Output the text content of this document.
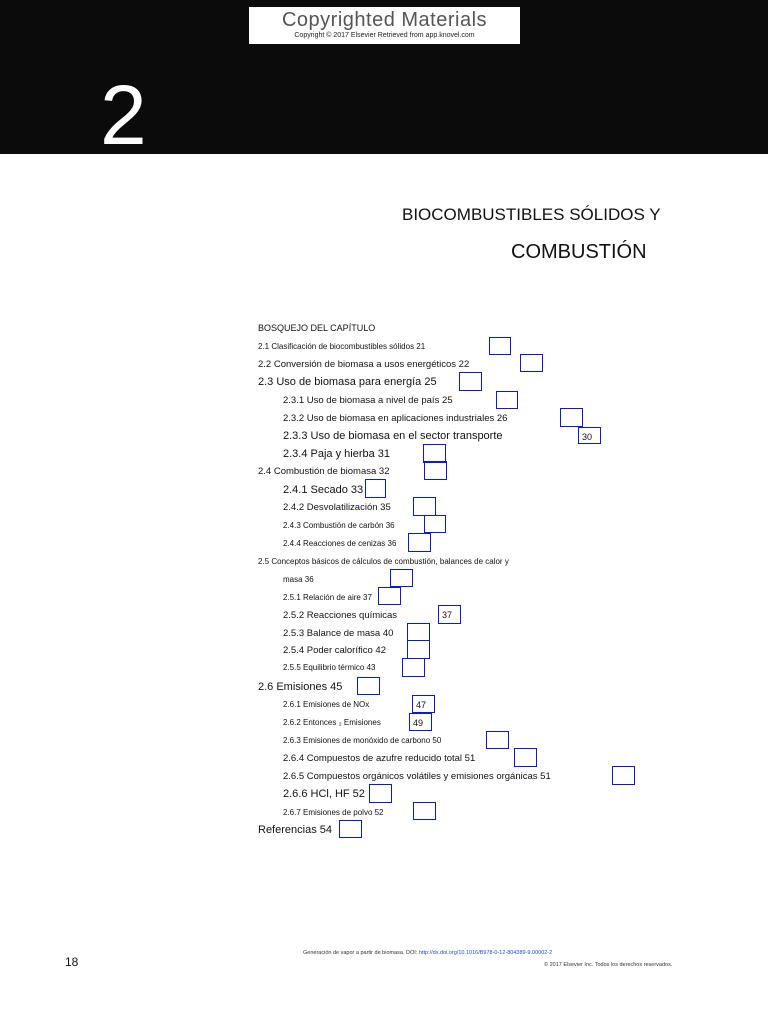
Copyrighted Materials
Copyright © 2017 Elsevier Retrieved from app.knovel.com
2
BIOCOMBUSTIBLES SÓLIDOS Y
COMBUSTIÓN
BOSQUEJO DEL CAPÍTULO
2.1 Clasificación de biocombustibles sólidos 21
2.2 Conversión de biomasa a usos energéticos 22
2.3 Uso de biomasa para energía 25
2.3.1 Uso de biomasa a nivel de país 25
2.3.2 Uso de biomasa en aplicaciones industriales 26
2.3.3 Uso de biomasa en el sector transporte
2.3.4 Paja y hierba 31
2.4 Combustión de biomasa 32
2.4.1 Secado 33
2.4.2 Desvolatilización 35
2.4.3 Combustión de carbón 36
2.4.4 Reacciones de cenizas 36
2.5 Conceptos básicos de cálculos de combustión, balances de calor y
masa 36
2.5.1 Relación de aire 37
2.5.2 Reacciones químicas
2.5.3 Balance de masa 40
2.5.4 Poder calorífico 42
2.5.5 Equilibrio térmico 43
2.6 Emisiones 45
2.6.1 Emisiones de NOx
2.6.2 Entonces ₂ Emisiones
2.6.3 Emisiones de monóxido de carbono 50
2.6.4 Compuestos de azufre reducido total 51
2.6.5 Compuestos orgánicos volátiles y emisiones orgánicas 51
2.6.6 HCl, HF 52
2.6.7 Emisiones de polvo 52
Referencias 54
30
37
47
49
18
Generación de vapor a partir de biomasa. DOI: http://dx.doi.org/10.1016/B978-0-12-804389-9.00002-2
© 2017 Elsevier Inc. Todos los derechos reservados.
